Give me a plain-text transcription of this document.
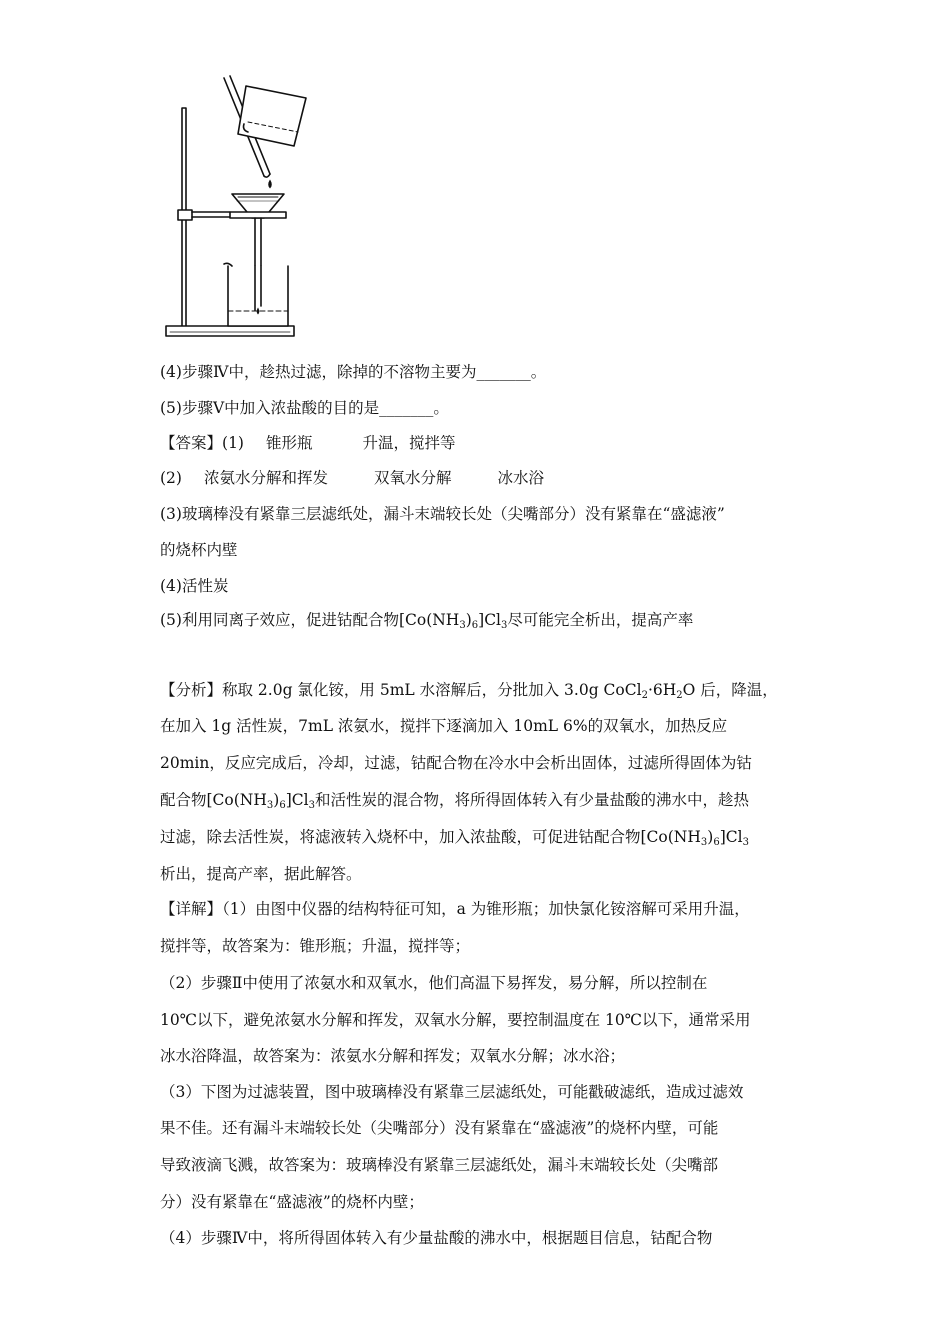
(4)步骤Ⅳ中，趁热过滤，除掉的不溶物主要为_______。
(5)步骤Ⅴ中加入浓盐酸的目的是_______。
【答案】(1) 锥形瓶	升温，搅拌等
(2) 浓氨水分解和挥发	双氧水分解	冰水浴
(3)玻璃棒没有紧靠三层滤纸处，漏斗末端较长处（尖嘴部分）没有紧靠在“盛滤液”
的烧杯内壁
(4)活性炭
(5)利用同离子效应，促进钴配合物$[Co(NH_3)_6]Cl_3$尽可能完全析出，提高产率
【分析】称取 2.0g 氯化铵，用 5mL 水溶解后，分批加入 3.0g $CoCl_2\cdot 6H_2O$ 后，降温，
在加入 1g 活性炭，7mL 浓氨水，搅拌下逐滴加入 10mL 6%的双氧水，加热反应
20min，反应完成后，冷却，过滤，钴配合物在冷水中会析出固体，过滤所得固体为钴
配合物$[Co(NH_3)_6]Cl_3$和活性炭的混合物，将所得固体转入有少量盐酸的沸水中，趁热
过滤，除去活性炭，将滤液转入烧杯中，加入浓盐酸，可促进钴配合物$[Co(NH_3)_6]Cl_3$
析出，提高产率，据此解答。
【详解】（1）由图中仪器的结构特征可知，a 为锥形瓶；加快氯化铵溶解可采用升温，
搅拌等，故答案为：锥形瓶；升温，搅拌等；
（2）步骤Ⅱ中使用了浓氨水和双氧水，他们高温下易挥发，易分解，所以控制在
10℃以下，避免浓氨水分解和挥发，双氧水分解，要控制温度在 10℃以下，通常采用
冰水浴降温，故答案为：浓氨水分解和挥发；双氧水分解；冰水浴；
（3）下图为过滤装置，图中玻璃棒没有紧靠三层滤纸处，可能戳破滤纸，造成过滤效
果不佳。还有漏斗末端较长处（尖嘴部分）没有紧靠在“盛滤液”的烧杯内壁，可能
导致液滴飞溅，故答案为：玻璃棒没有紧靠三层滤纸处，漏斗末端较长处（尖嘴部
分）没有紧靠在“盛滤液”的烧杯内壁；
（4）步骤Ⅳ中，将所得固体转入有少量盐酸的沸水中，根据题目信息，钴配合物
